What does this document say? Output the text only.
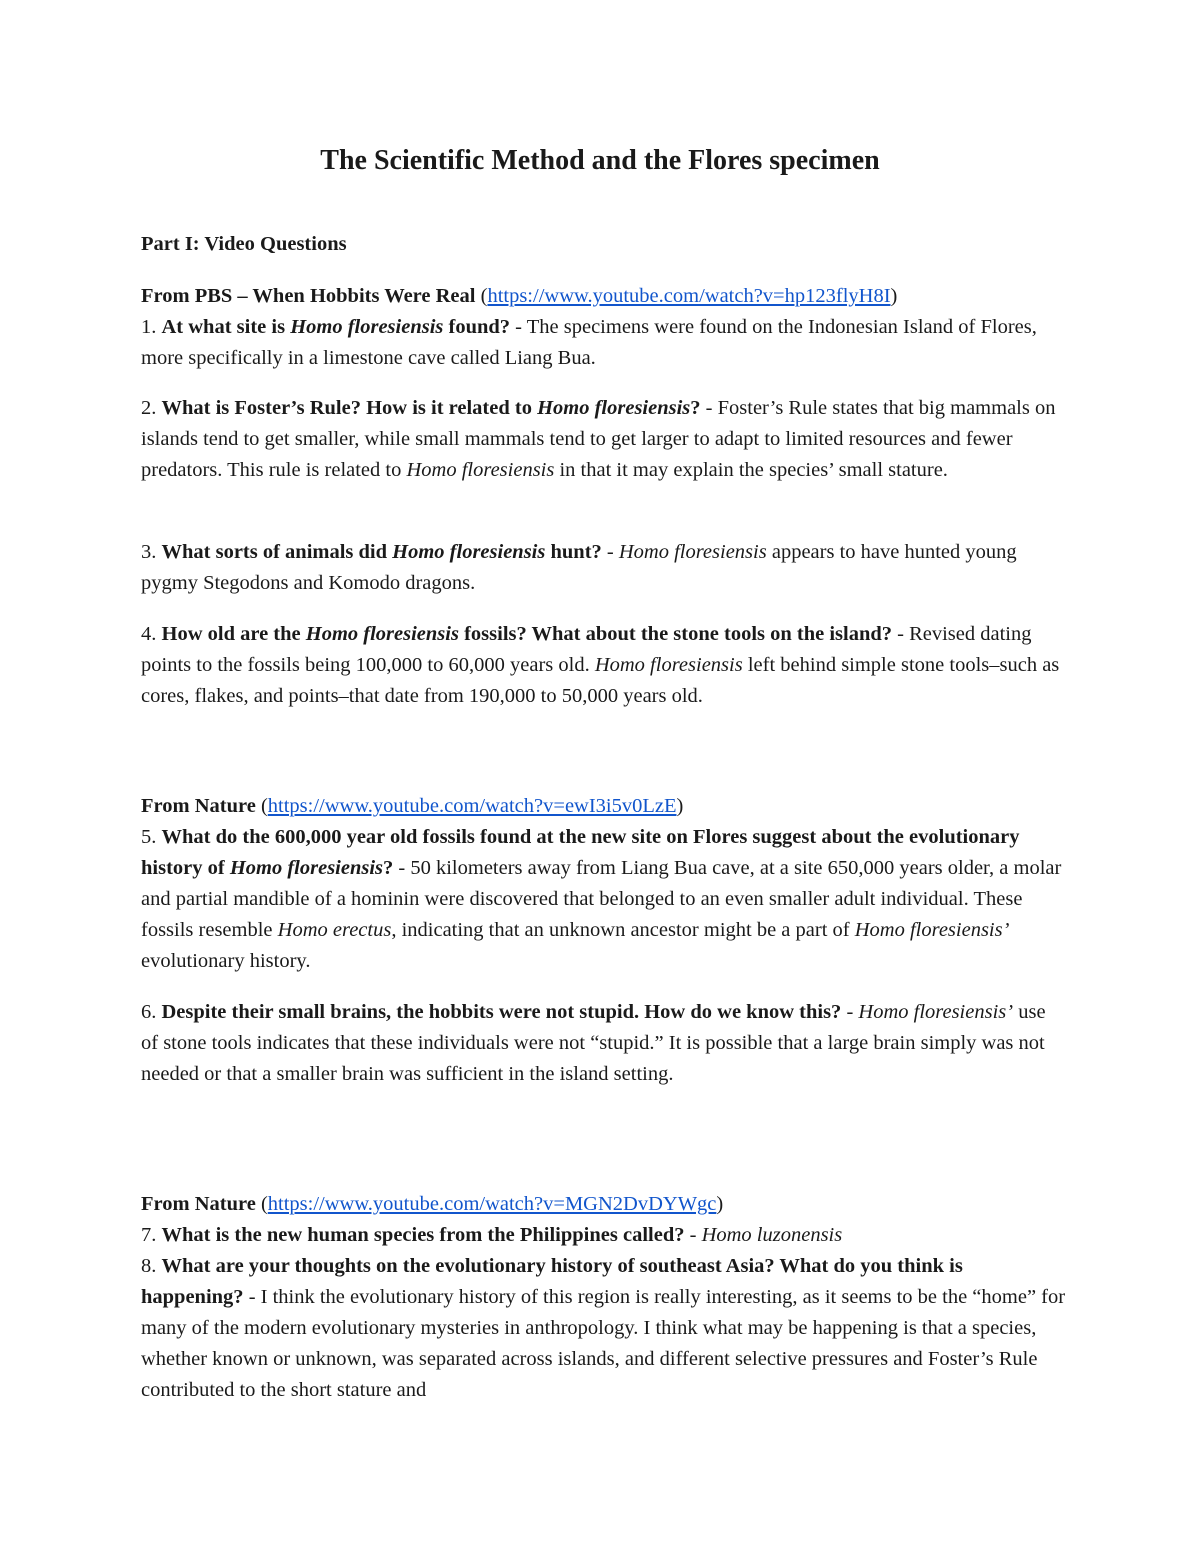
The Scientific Method and the Flores specimen

Part I: Video Questions

From PBS – When Hobbits Were Real (https://www.youtube.com/watch?v=hp123flyH8I)
1. At what site is Homo floresiensis found? - The specimens were found on the Indonesian Island of Flores, more specifically in a limestone cave called Liang Bua.
2. What is Foster’s Rule? How is it related to Homo floresiensis? - Foster’s Rule states that big mammals on islands tend to get smaller, while small mammals tend to get larger to adapt to limited resources and fewer predators. This rule is related to Homo floresiensis in that it may explain the species’ small stature.
3. What sorts of animals did Homo floresiensis hunt? - Homo floresiensis appears to have hunted young pygmy Stegodons and Komodo dragons.
4. How old are the Homo floresiensis fossils? What about the stone tools on the island? - Revised dating points to the fossils being 100,000 to 60,000 years old. Homo floresiensis left behind simple stone tools–such as cores, flakes, and points–that date from 190,000 to 50,000 years old.
From Nature (https://www.youtube.com/watch?v=ewI3i5v0LzE)
5. What do the 600,000 year old fossils found at the new site on Flores suggest about the evolutionary history of Homo floresiensis? - 50 kilometers away from Liang Bua cave, at a site 650,000 years older, a molar and partial mandible of a hominin were discovered that belonged to an even smaller adult individual. These fossils resemble Homo erectus, indicating that an unknown ancestor might be a part of Homo floresiensis’ evolutionary history.
6. Despite their small brains, the hobbits were not stupid. How do we know this? - Homo floresiensis’ use of stone tools indicates that these individuals were not “stupid.” It is possible that a large brain simply was not needed or that a smaller brain was sufficient in the island setting.
From Nature (https://www.youtube.com/watch?v=MGN2DvDYWgc)
7. What is the new human species from the Philippines called? - Homo luzonensis
8. What are your thoughts on the evolutionary history of southeast Asia? What do you think is happening? - I think the evolutionary history of this region is really interesting, as it seems to be the “home” for many of the modern evolutionary mysteries in anthropology. I think what may be happening is that a species, whether known or unknown, was separated across islands, and different selective pressures and Foster’s Rule contributed to the short stature and
